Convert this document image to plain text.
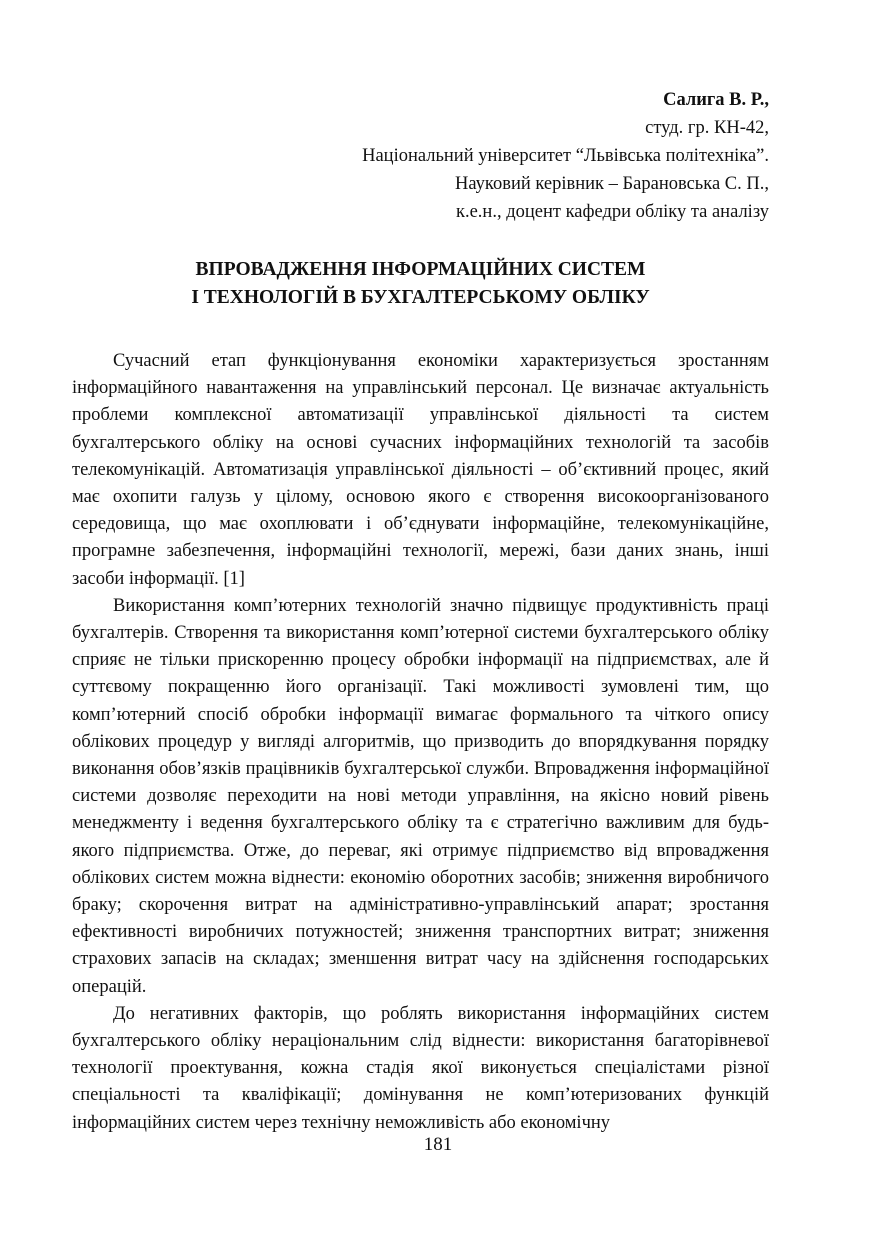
Салига В. Р.,
студ. гр. КН-42,
Національний університет “Львівська політехніка”.
Науковий керівник – Барановська С. П.,
к.е.н., доцент кафедри обліку та аналізу
ВПРОВАДЖЕННЯ ІНФОРМАЦІЙНИХ СИСТЕМ
І ТЕХНОЛОГІЙ В БУХГАЛТЕРСЬКОМУ ОБЛІКУ

Сучасний етап функціонування економіки характеризується зростанням інформаційного навантаження на управлінський персонал. Це визначає актуальність проблеми комплексної автоматизації управлінської діяльності та систем бухгалтерського обліку на основі сучасних інформаційних технологій та засобів телекомунікацій. Автоматизація управлінської діяльності – об’єктивний процес, який має охопити галузь у цілому, основою якого є створення високоорганізованого середовища, що має охоплювати і об’єднувати інформаційне, телекомунікаційне, програмне забезпечення, інформаційні технології, мережі, бази даних знань, інші засоби інформації. [1]

Використання комп’ютерних технологій значно підвищує продуктивність праці бухгалтерів. Створення та використання комп’ютерної системи бухгалтерського обліку сприяє не тільки прискоренню процесу обробки інформації на підприємствах, але й суттєвому покращенню його організації. Такі можливості зумовлені тим, що комп’ютерний спосіб обробки інформації вимагає формального та чіткого опису облікових процедур у вигляді алгоритмів, що призводить до впорядкування порядку виконання обов’язків працівників бухгалтерської служби. Впровадження інформаційної системи дозволяє переходити на нові методи управління, на якісно новий рівень менеджменту і ведення бухгалтерського обліку та є стратегічно важливим для будь-якого підприємства. Отже, до переваг, які отримує підприємство від впровадження облікових систем можна віднести: економію оборотних засобів; зниження виробничого браку; скорочення витрат на адміністративно-управлінський апарат; зростання ефективності виробничих потужностей; зниження транспортних витрат; зниження страхових запасів на складах; зменшення витрат часу на здійснення господарських операцій.

До негативних факторів, що роблять використання інформаційних систем бухгалтерського обліку нераціональним слід віднести: використання багаторівневої технології проектування, кожна стадія якої виконується спеціалістами різної спеціальності та кваліфікації; домінування не комп’ютеризованих функцій інформаційних систем через технічну неможливість або економічну

181
